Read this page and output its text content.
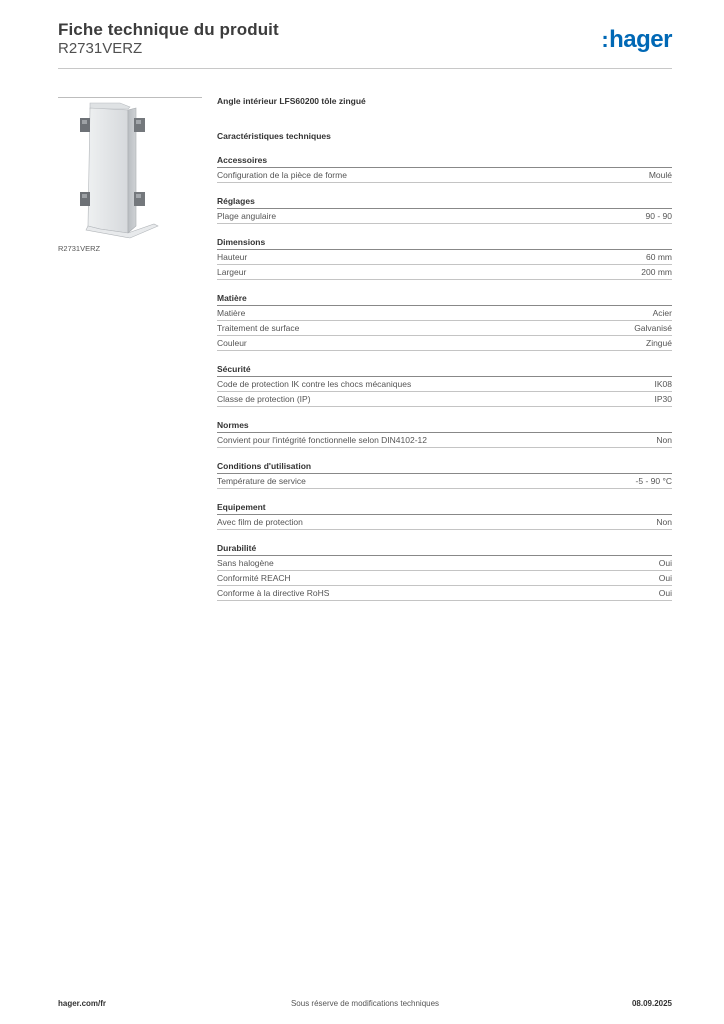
Fiche technique du produit
R2731VERZ	:hager
R2731VERZ
Angle intérieur LFS60200 tôle zingué
Caractéristiques techniques
Accessoires
Configuration de la pièce de forme	Moulé
Réglages
Plage angulaire	90 - 90
Dimensions
Hauteur	60 mm
Largeur	200 mm
Matière
Matière	Acier
Traitement de surface	Galvanisé
Couleur	Zingué
Sécurité
Code de protection IK contre les chocs mécaniques	IK08
Classe de protection (IP)	IP30
Normes
Convient pour l'intégrité fonctionnelle selon DIN4102-12	Non
Conditions d'utilisation
Température de service	-5 - 90 °C
Equipement
Avec film de protection	Non
Durabilité
Sans halogène	Oui
Conformité REACH	Oui
Conforme à la directive RoHS	Oui
Sous réserve de modifications techniques
hager.com/fr	08.09.2025
